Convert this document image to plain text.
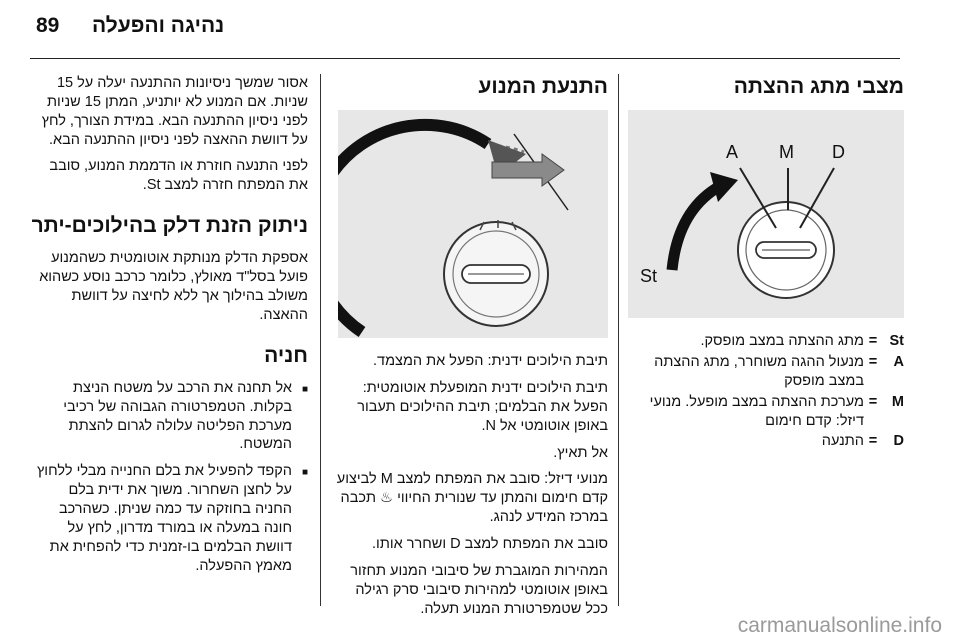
89 נהיגה והפעלה
מצבי מתג ההצתה
A M D
St
St
=
מתג ההצתה במצב מופסק.
A
=
מנעול ההגה משוחרר, מתג ההצתה במצב מופסק
M
=
מערכת ההצתה במצב מופעל. מנועי דיזל: קדם חימום
D
=
התנעה
התנעת המנוע

תיבת הילוכים ידנית: הפעל את המצמד.

תיבת הילוכים ידנית המופעלת אוטומטית: הפעל את הבלמים; תיבת ההילוכים תעבור באופן אוטומטי אל N.

אל תאיץ.

מנועי דיזל: סובב את המפתח למצב M לביצוע קדם חימום והמתן עד שנורית החיווי ♨ תכבה במרכז המידע לנהג.

סובב את המפתח למצב D ושחרר אותו.

המהירות המוגברת של סיבובי המנוע תחזור באופן אוטומטי למהירות סיבובי סרק רגילה ככל שטמפרטורת המנוע תעלה.

אסור שמשך ניסיונות ההתנעה יעלה על 15 שניות. אם המנוע לא יותניע, המתן 15 שניות לפני ניסיון ההתנעה הבא. במידת הצורך, לחץ על דוושת ההאצה לפני ניסיון ההתנעה הבא.

לפני התנעה חוזרת או הדממת המנוע, סובב את המפתח חזרה למצב St.

ניתוק הזנת דלק בהילוכים-יתר

אספקת הדלק מנותקת אוטומטית כשהמנוע פועל בסל"ד מאולץ, כלומר כרכב נוסע כשהוא משולב בהילוך אך ללא לחיצה על דוושת ההאצה.

חניה
■
אל תחנה את הרכב על משטח הניצת בקלות. הטמפרטורה הגבוהה של רכיבי מערכת הפליטה עלולה לגרום להצתת המשטח.
■
הקפד להפעיל את בלם החנייה מבלי ללחוץ על לחצן השחרור. משוך את ידית בלם החניה בחוזקה עד כמה שניתן. כשהרכב חונה במעלה או במורד מדרון, לחץ על דוושת הבלמים בו-זמנית כדי להפחית את מאמץ ההפעלה.
carmanualsonline.info
